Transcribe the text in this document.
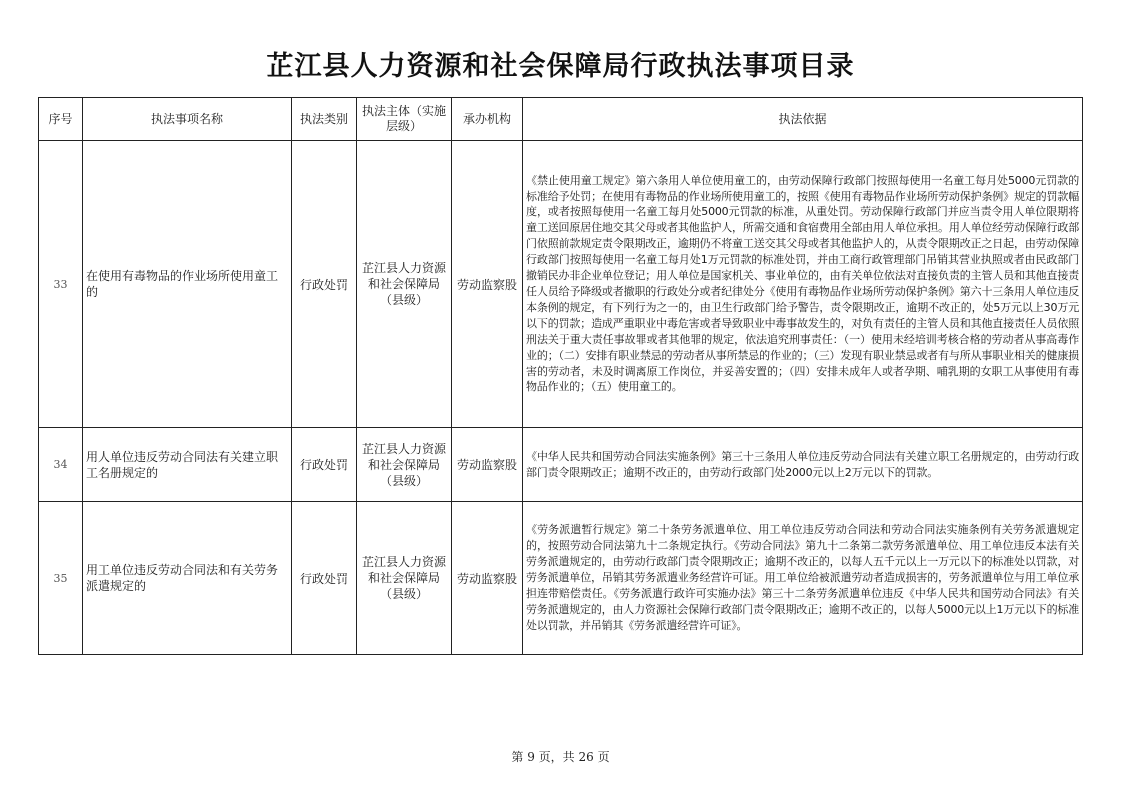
芷江县人力资源和社会保障局行政执法事项目录
序号	执法事项名称	执法类别	执法主体（实施层级）	承办机构	执法依据
33	在使用有毒物品的作业场所使用童工的	行政处罚	芷江县人力资源和社会保障局（县级）	劳动监察股	《禁止使用童工规定》第六条用人单位使用童工的，由劳动保障行政部门按照每使用一名童工每月处5000元罚款的标准给予处罚；在使用有毒物品的作业场所使用童工的，按照《使用有毒物品作业场所劳动保护条例》规定的罚款幅度，或者按照每使用一名童工每月处5000元罚款的标准，从重处罚。劳动保障行政部门并应当责令用人单位限期将童工送回原居住地交其父母或者其他监护人，所需交通和食宿费用全部由用人单位承担。用人单位经劳动保障行政部门依照前款规定责令限期改正，逾期仍不将童工送交其父母或者其他监护人的，从责令限期改正之日起，由劳动保障行政部门按照每使用一名童工每月处1万元罚款的标准处罚，并由工商行政管理部门吊销其营业执照或者由民政部门撤销民办非企业单位登记；用人单位是国家机关、事业单位的，由有关单位依法对直接负责的主管人员和其他直接责任人员给予降级或者撤职的行政处分或者纪律处分《使用有毒物品作业场所劳动保护条例》第六十三条用人单位违反本条例的规定，有下列行为之一的，由卫生行政部门给予警告，责令限期改正，逾期不改正的，处5万元以上30万元以下的罚款；造成严重职业中毒危害或者导致职业中毒事故发生的，对负有责任的主管人员和其他直接责任人员依照刑法关于重大责任事故罪或者其他罪的规定，依法追究刑事责任：（一）使用未经培训考核合格的劳动者从事高毒作业的；（二）安排有职业禁忌的劳动者从事所禁忌的作业的；（三）发现有职业禁忌或者有与所从事职业相关的健康损害的劳动者，未及时调离原工作岗位，并妥善安置的；（四）安排未成年人或者孕期、哺乳期的女职工从事使用有毒物品作业的；（五）使用童工的。
34	用人单位违反劳动合同法有关建立职工名册规定的	行政处罚	芷江县人力资源和社会保障局（县级）	劳动监察股	《中华人民共和国劳动合同法实施条例》第三十三条用人单位违反劳动合同法有关建立职工名册规定的，由劳动行政部门责令限期改正；逾期不改正的，由劳动行政部门处2000元以上2万元以下的罚款。
35	用工单位违反劳动合同法和有关劳务派遣规定的	行政处罚	芷江县人力资源和社会保障局（县级）	劳动监察股	《劳务派遣暂行规定》第二十条劳务派遣单位、用工单位违反劳动合同法和劳动合同法实施条例有关劳务派遣规定的，按照劳动合同法第九十二条规定执行。《劳动合同法》第九十二条第二款劳务派遣单位、用工单位违反本法有关劳务派遣规定的，由劳动行政部门责令限期改正；逾期不改正的，以每人五千元以上一万元以下的标准处以罚款，对劳务派遣单位，吊销其劳务派遣业务经营许可证。用工单位给被派遣劳动者造成损害的，劳务派遣单位与用工单位承担连带赔偿责任。《劳务派遣行政许可实施办法》第三十二条劳务派遣单位违反《中华人民共和国劳动合同法》有关劳务派遣规定的，由人力资源社会保障行政部门责令限期改正；逾期不改正的，以每人5000元以上1万元以下的标准处以罚款，并吊销其《劳务派遣经营许可证》。
第 9 页，共 26 页
